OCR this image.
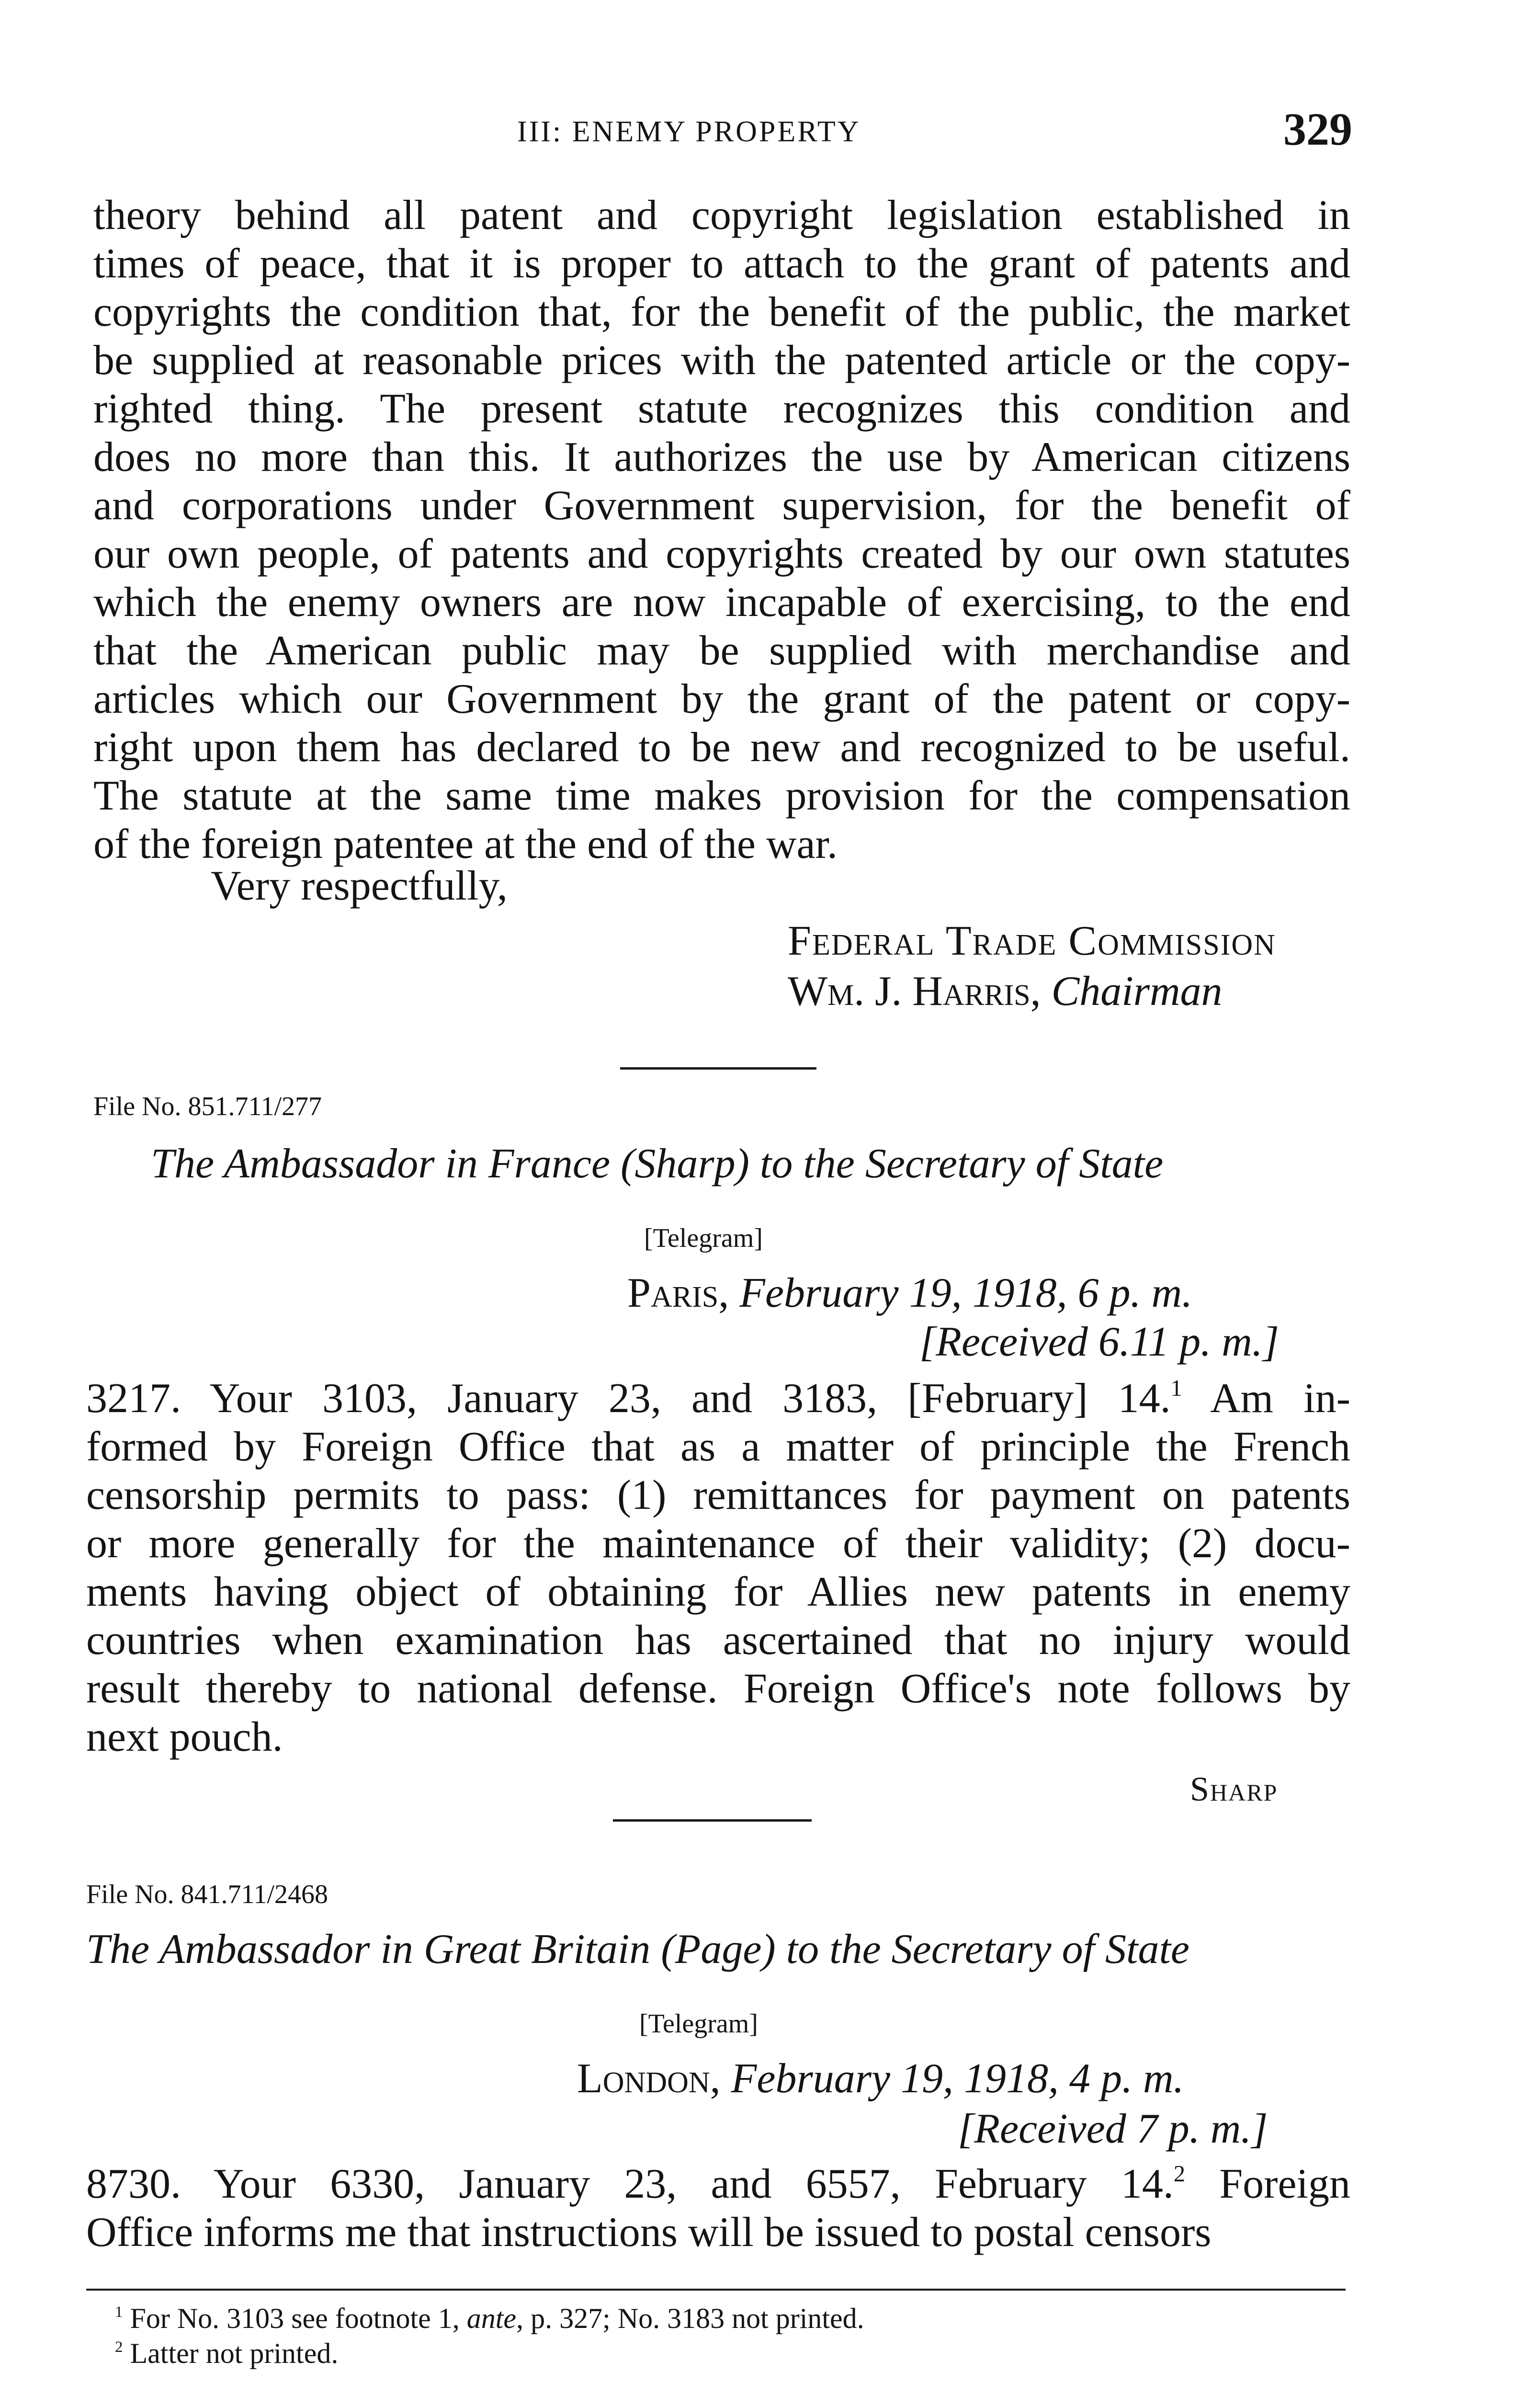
III: ENEMY PROPERTY	329
theory behind all patent and copyright legislation established in
times of peace, that it is proper to attach to the grant of patents and
copyrights the condition that, for the benefit of the public, the market
be supplied at reasonable prices with the patented article or the copy-
righted thing. The present statute recognizes this condition and
does no more than this. It authorizes the use by American citizens
and corporations under Government supervision, for the benefit of
our own people, of patents and copyrights created by our own statutes
which the enemy owners are now incapable of exercising, to the end
that the American public may be supplied with merchandise and
articles which our Government by the grant of the patent or copy-
right upon them has declared to be new and recognized to be useful.
The statute at the same time makes provision for the compensation
of the foreign patentee at the end of the war.
Very respectfully,
Federal Trade Commission
Wm. J. Harris, Chairman
File No. 851.711/277
The Ambassador in France (Sharp) to the Secretary of State
[Telegram]
Paris, February 19, 1918, 6 p. m.
[Received 6.11 p. m.]
3217. Your 3103, January 23, and 3183, [February] 14.$^1$ Am in-
formed by Foreign Office that as a matter of principle the French
censorship permits to pass: (1) remittances for payment on patents
or more generally for the maintenance of their validity; (2) docu-
ments having object of obtaining for Allies new patents in enemy
countries when examination has ascertained that no injury would
result thereby to national defense. Foreign Office's note follows by
next pouch.
Sharp
File No. 841.711/2468
The Ambassador in Great Britain (Page) to the Secretary of State
[Telegram]
London, February 19, 1918, 4 p. m.
[Received 7 p. m.]
8730. Your 6330, January 23, and 6557, February 14.$^2$ Foreign
Office informs me that instructions will be issued to postal censors
$^1$ For No. 3103 see footnote 1, ante, p. 327; No. 3183 not printed.
$^2$ Latter not printed.
